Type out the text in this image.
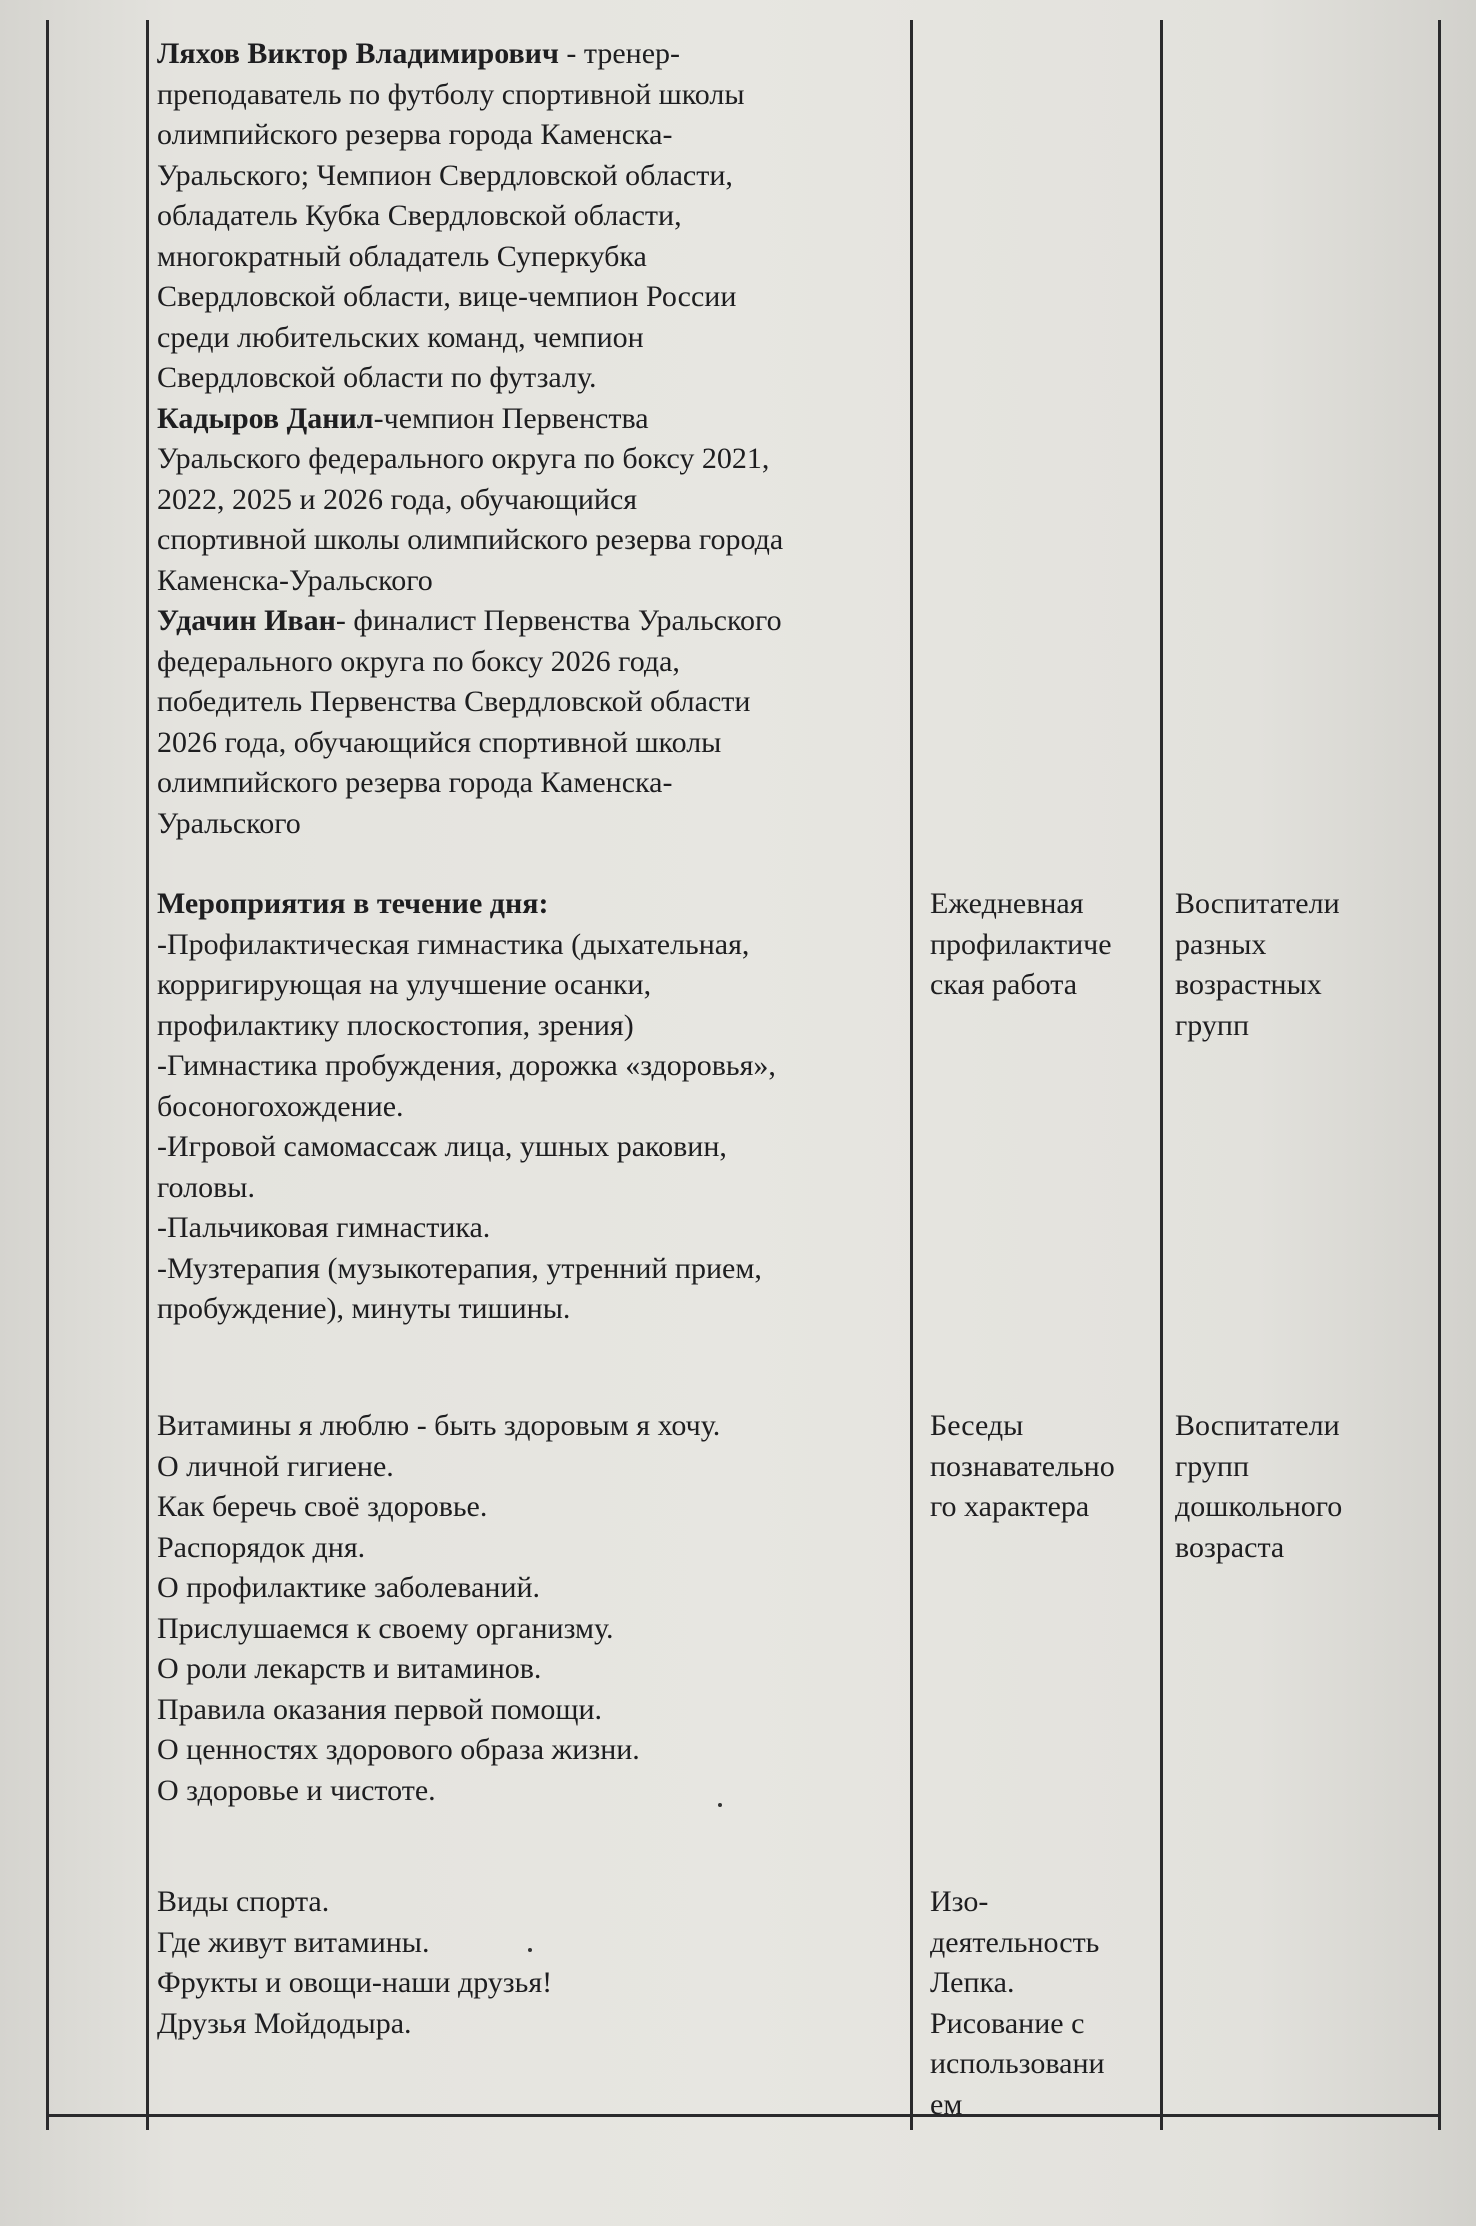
Ляхов Виктор Владимирович - тренер-
преподаватель по футболу спортивной школы
олимпийского резерва города Каменска-
Уральского; Чемпион Свердловской области,
обладатель Кубка Свердловской области,
многократный обладатель Суперкубка
Свердловской области, вице-чемпион России
среди любительских команд, чемпион
Свердловской области по футзалу.
Кадыров Данил-чемпион Первенства
Уральского федерального округа по боксу 2021,
2022, 2025 и 2026 года, обучающийся
спортивной школы олимпийского резерва города
Каменска-Уральского
Удачин Иван- финалист Первенства Уральского
федерального округа по боксу 2026 года,
победитель Первенства Свердловской области
2026 года, обучающийся спортивной школы
олимпийского резерва города Каменска-
Уральского
Мероприятия в течение дня:
-Профилактическая гимнастика (дыхательная,
корригирующая на улучшение осанки,
профилактику плоскостопия, зрения)
-Гимнастика пробуждения, дорожка «здоровья»,
босоногохождение.
-Игровой самомассаж лица, ушных раковин,
головы.
-Пальчиковая гимнастика.
-Музтерапия (музыкотерапия, утренний прием,
пробуждение), минуты тишины.
Ежедневная
профилактиче
ская работа
Воспитатели
разных
возрастных
групп
Витамины я люблю - быть здоровым я хочу.
О личной гигиене.
Как беречь своё здоровье.
Распорядок дня.
О профилактике заболеваний.
Прислушаемся к своему организму.
О роли лекарств и витаминов.
Правила оказания первой помощи.
О ценностях здорового образа жизни.
О здоровье и чистоте.
Беседы
познавательно
го характера
Воспитатели
групп
дошкольного
возраста
Виды спорта.
Где живут витамины.
Фрукты и овощи-наши друзья!
Друзья Мойдодыра.
Изо-
деятельность
Лепка.
Рисование с
использовани
ем
